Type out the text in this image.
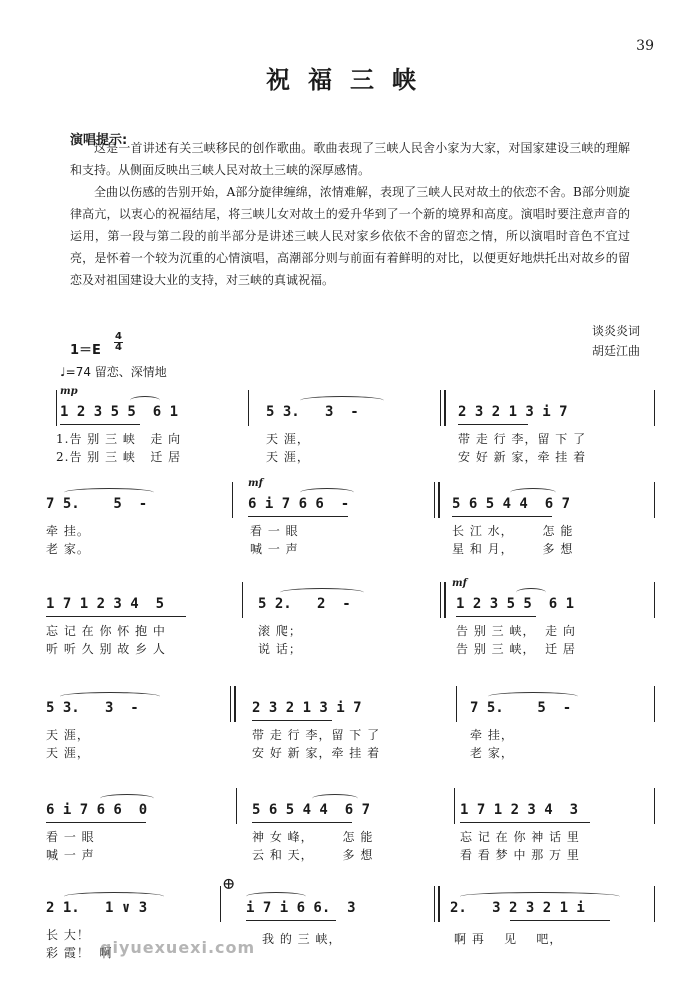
39
祝福三峡
演唱提示:

这是一首讲述有关三峡移民的创作歌曲。歌曲表现了三峡人民舍小家为大家，对国家建设三峡的理解和支持。从侧面反映出三峡人民对故土三峡的深厚感情。

全曲以伤感的告别开始，A部分旋律缠绵，浓情难解，表现了三峡人民对故土的依恋不舍。B部分则旋律高亢，以衷心的祝福结尾，将三峡儿女对故土的爱升华到了一个新的境界和高度。演唱时要注意声音的运用，第一段与第二段的前半部分是讲述三峡人民对家乡依依不舍的留恋之情，所以演唱时音色不宜过亮，是怀着一个较为沉重的心情演唱，高潮部分则与前面有着鲜明的对比，以便更好地烘托出对故乡的留恋及对祖国建设大业的支持，对三峡的真诚祝福。

谈炎炎词
胡廷江曲
$1=E \frac{4}{4}$
♩=74 留恋、深情地
mp
1 2 3 5 5  6 1	5 3.   3  -	2 3 2 1 3 i 7
1.告 别 三 峡   走 向	天 涯，	带 走 行 李，留 下 了
2.告 别 三 峡   迁 居	天 涯，	安 好 新 家，牵 挂 着
mf
7 5.    5  -	6 i 7 6 6  -	5 6 5 4 4  6 7
牵 挂。	看 一 眼	长 江 水，      怎 能
老 家。	喊 一 声	星 和 月，      多 想
mf
1 7 1 2 3 4  5	5 2.   2  -	1 2 3 5 5  6 1
忘 记 在 你 怀 抱 中	滚 爬；	告 别 三 峡，  走 向
听 听 久 别 故 乡 人	说 话；	告 别 三 峡，  迁 居
5 3.   3  -	2 3 2 1 3 i 7	7 5.    5  -
天 涯，	带 走 行 李，留 下 了	牵 挂，
天 涯，	安 好 新 家，牵 挂 着	老 家，
6 i 7 6 6  0	5 6 5 4 4  6 7	1 7 1 2 3 4  3
看 一 眼	神 女 峰，      怎 能	忘 记 在 你 神 话 里
喊 一 声	云 和 天，      多 想	看 看 梦 中 那 万 里
2 1.   1 ∨ 3
⊕
i 7 i 6 6.  3	2.   3 2 3 2 1 i
长 大！	我 的 三 峡，	啊 再    见    吧，
彩 霞！  啊
qiyuexuexi.com
